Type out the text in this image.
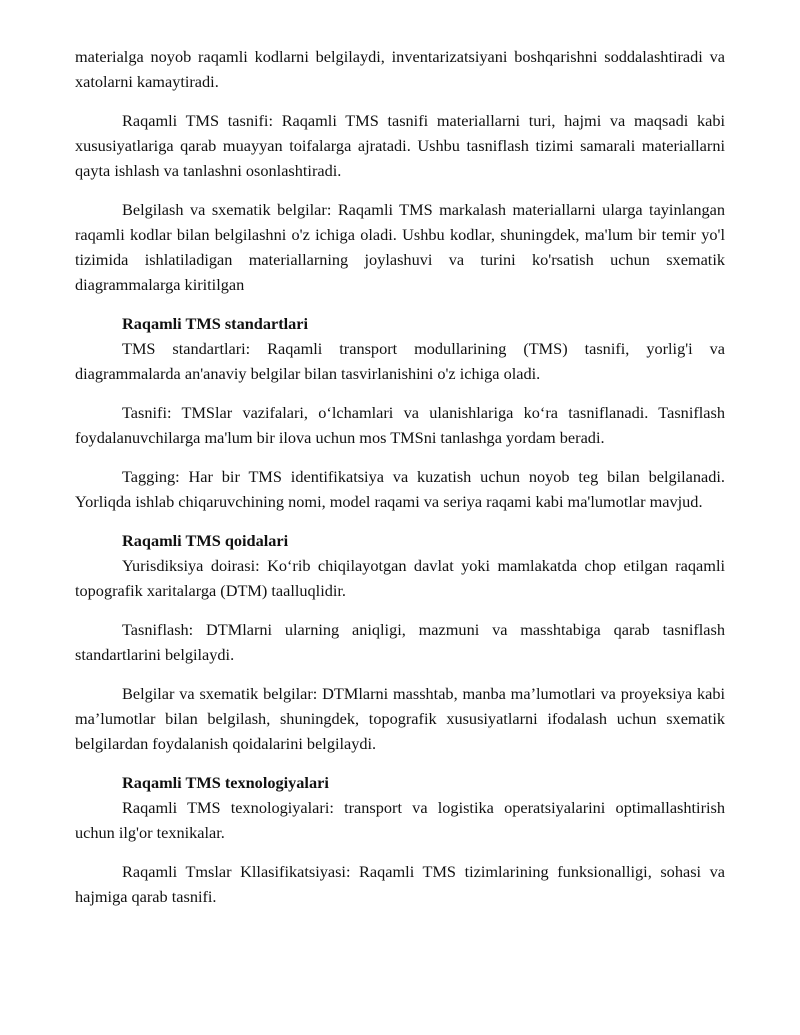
materialga noyob raqamli kodlarni belgilaydi, inventarizatsiyani boshqarishni soddalashtiradi va xatolarni kamaytiradi.

Raqamli TMS tasnifi: Raqamli TMS tasnifi materiallarni turi, hajmi va maqsadi kabi xususiyatlariga qarab muayyan toifalarga ajratadi. Ushbu tasniflash tizimi samarali materiallarni qayta ishlash va tanlashni osonlashtiradi.

Belgilash va sxematik belgilar: Raqamli TMS markalash materiallarni ularga tayinlangan raqamli kodlar bilan belgilashni o'z ichiga oladi. Ushbu kodlar, shuningdek, ma'lum bir temir yo'l tizimida ishlatiladigan materiallarning joylashuvi va turini ko'rsatish uchun sxematik diagrammalarga kiritilgan

Raqamli TMS standartlari

TMS standartlari: Raqamli transport modullarining (TMS) tasnifi, yorlig'i va diagrammalarda an'anaviy belgilar bilan tasvirlanishini o'z ichiga oladi.

Tasnifi: TMSlar vazifalari, o‘lchamlari va ulanishlariga ko‘ra tasniflanadi. Tasniflash foydalanuvchilarga ma'lum bir ilova uchun mos TMSni tanlashga yordam beradi.

Tagging: Har bir TMS identifikatsiya va kuzatish uchun noyob teg bilan belgilanadi. Yorliqda ishlab chiqaruvchining nomi, model raqami va seriya raqami kabi ma'lumotlar mavjud.

Raqamli TMS qoidalari

Yurisdiksiya doirasi: Ko‘rib chiqilayotgan davlat yoki mamlakatda chop etilgan raqamli topografik xaritalarga (DTM) taalluqlidir.

Tasniflash: DTMlarni ularning aniqligi, mazmuni va masshtabiga qarab tasniflash standartlarini belgilaydi.

Belgilar va sxematik belgilar: DTMlarni masshtab, manba ma’lumotlari va proyeksiya kabi ma’lumotlar bilan belgilash, shuningdek, topografik xususiyatlarni ifodalash uchun sxematik belgilardan foydalanish qoidalarini belgilaydi.

Raqamli TMS texnologiyalari

Raqamli TMS texnologiyalari: transport va logistika operatsiyalarini optimallashtirish uchun ilg'or texnikalar.

Raqamli Tmslar Kllasifikatsiyasi: Raqamli TMS tizimlarining funksionalligi, sohasi va hajmiga qarab tasnifi.
